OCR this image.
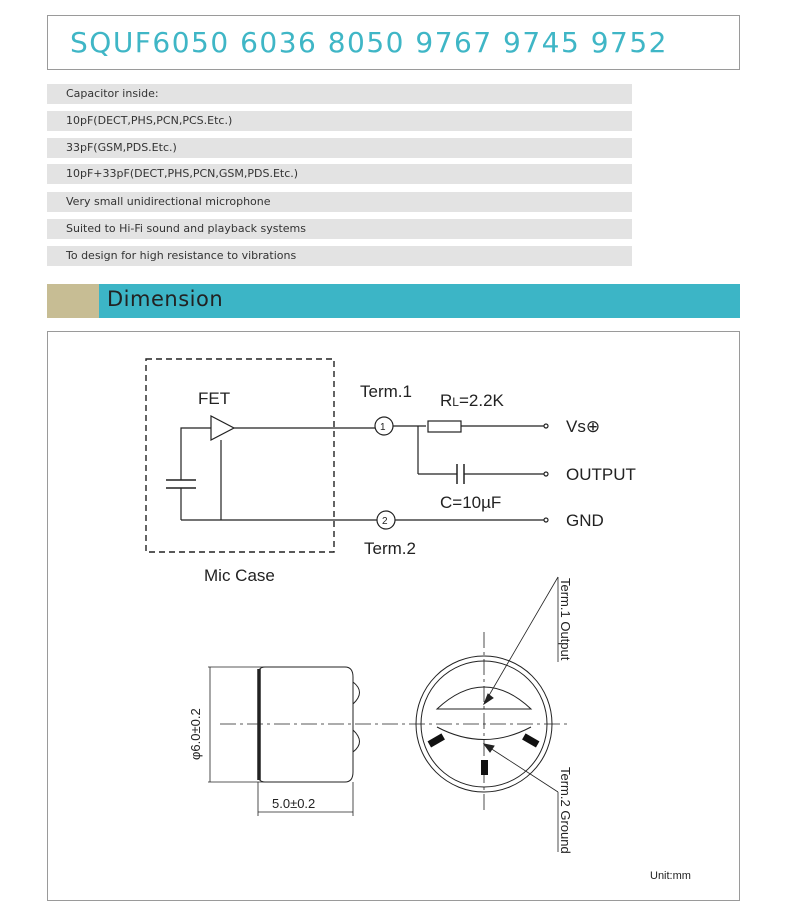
SQUF6050 6036 8050 9767 9745 9752
Capacitor inside:
10pF(DECT,PHS,PCN,PCS.Etc.)
33pF(GSM,PDS.Etc.)
10pF+33pF(DECT,PHS,PCN,GSM,PDS.Etc.)
Very small unidirectional microphone
Suited to Hi-Fi sound and playback systems
To design for high resistance to vibrations
Dimension
FET	Term.1
1
RL=2.2K
Vs⊕
OUTPUT
C=10µF
GND
2
Term.2
Mic Case
φ6.0±0.2
5.0±0.2
Term.1 Output
Term.2 Ground
Unit:mm
